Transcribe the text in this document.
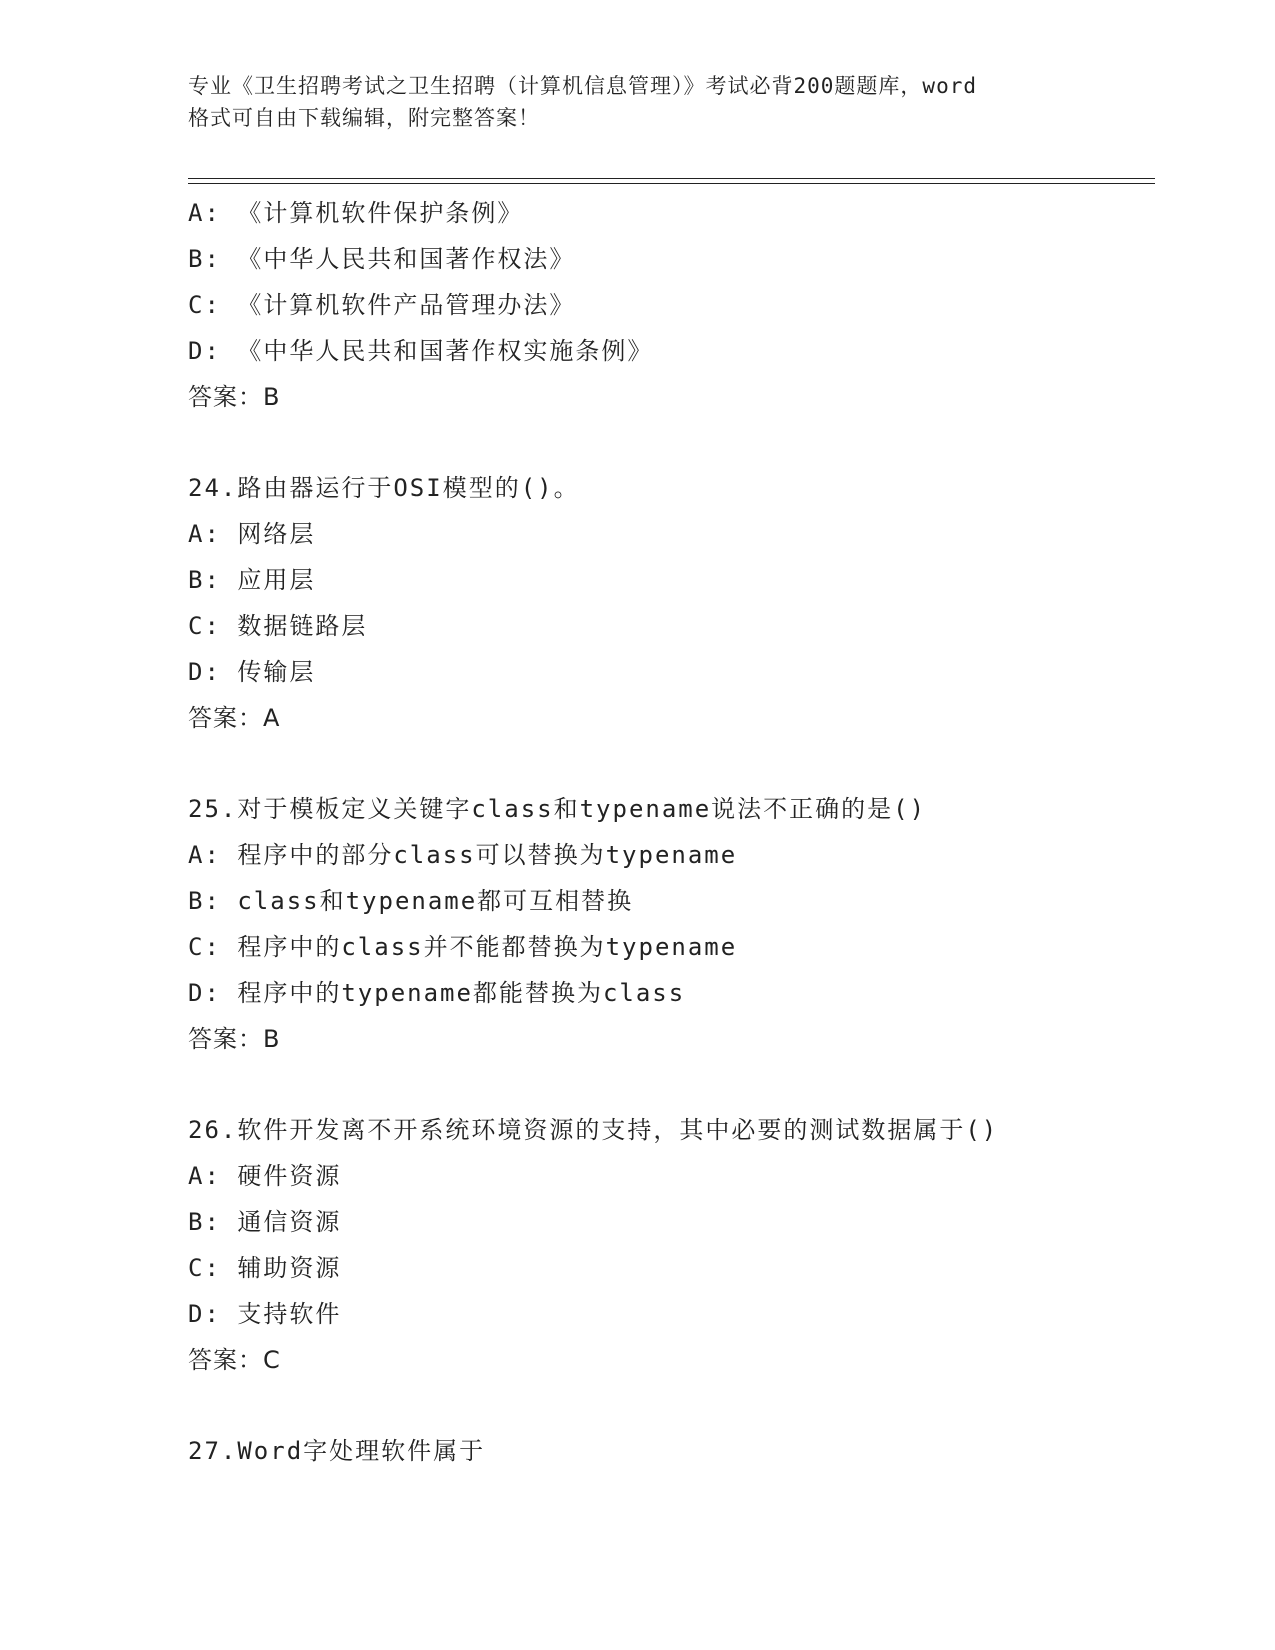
专业《卫生招聘考试之卫生招聘（计算机信息管理）》考试必背200题题库，word
格式可自由下载编辑，附完整答案！
A: 《计算机软件保护条例》
B: 《中华人民共和国著作权法》
C: 《计算机软件产品管理办法》
D: 《中华人民共和国著作权实施条例》
答案：B
24.路由器运行于OSI模型的()。
A: 网络层
B: 应用层
C: 数据链路层
D: 传输层
答案：A
25.对于模板定义关键字class和typename说法不正确的是()
A: 程序中的部分class可以替换为typename
B: class和typename都可互相替换
C: 程序中的class并不能都替换为typename
D: 程序中的typename都能替换为class
答案：B
26.软件开发离不开系统环境资源的支持，其中必要的测试数据属于()
A: 硬件资源
B: 通信资源
C: 辅助资源
D: 支持软件
答案：C
27.Word字处理软件属于
